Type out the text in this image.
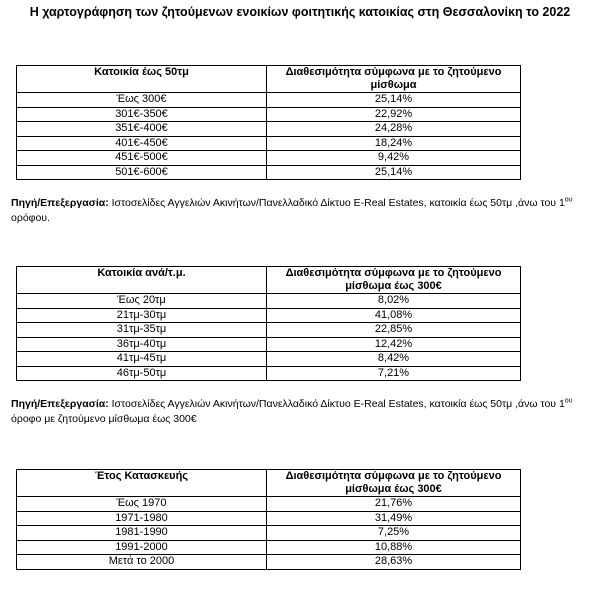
Η χαρτογράφηση των ζητούμενων ενοικίων φοιτητικής κατοικίας στη Θεσσαλονίκη το 2022
Κατοικία έως 50τμ	Διαθεσιμότητα σύμφωνα με το ζητούμενο μίσθωμα
Έως 300€	25,14%
301€-350€	22,92%
351€-400€	24,28%
401€-450€	18,24%
451€-500€	9,42%
501€-600€	25,14%
Πηγή/Επεξεργασία: Ιστοσελίδες Αγγελιών Ακινήτων/Πανελλαδικό Δίκτυο E-Real Estates, κατοικία έως 50τμ ,άνω του $1^{o\upsilon}$ ορόφου.
Κατοικία ανά/τ.μ.	Διαθεσιμότητα σύμφωνα με το ζητούμενο μίσθωμα έως 300€
Έως 20τμ	8,02%
21τμ-30τμ	41,08%
31τμ-35τμ	22,85%
36τμ-40τμ	12,42%
41τμ-45τμ	8,42%
46τμ-50τμ	7,21%
Πηγή/Επεξεργασία: Ιστοσελίδες Αγγελιών Ακινήτων/Πανελλαδικό Δίκτυο E-Real Estates, κατοικία έως 50τμ ,άνω του $1^{o\upsilon}$ όροφο με ζητούμενο μίσθωμα έως 300€
Έτος Κατασκευής	Διαθεσιμότητα σύμφωνα με το ζητούμενο μίσθωμα έως 300€
Έως 1970	21,76%
1971-1980	31,49%
1981-1990	7,25%
1991-2000	10,88%
Μετά το 2000	28,63%
